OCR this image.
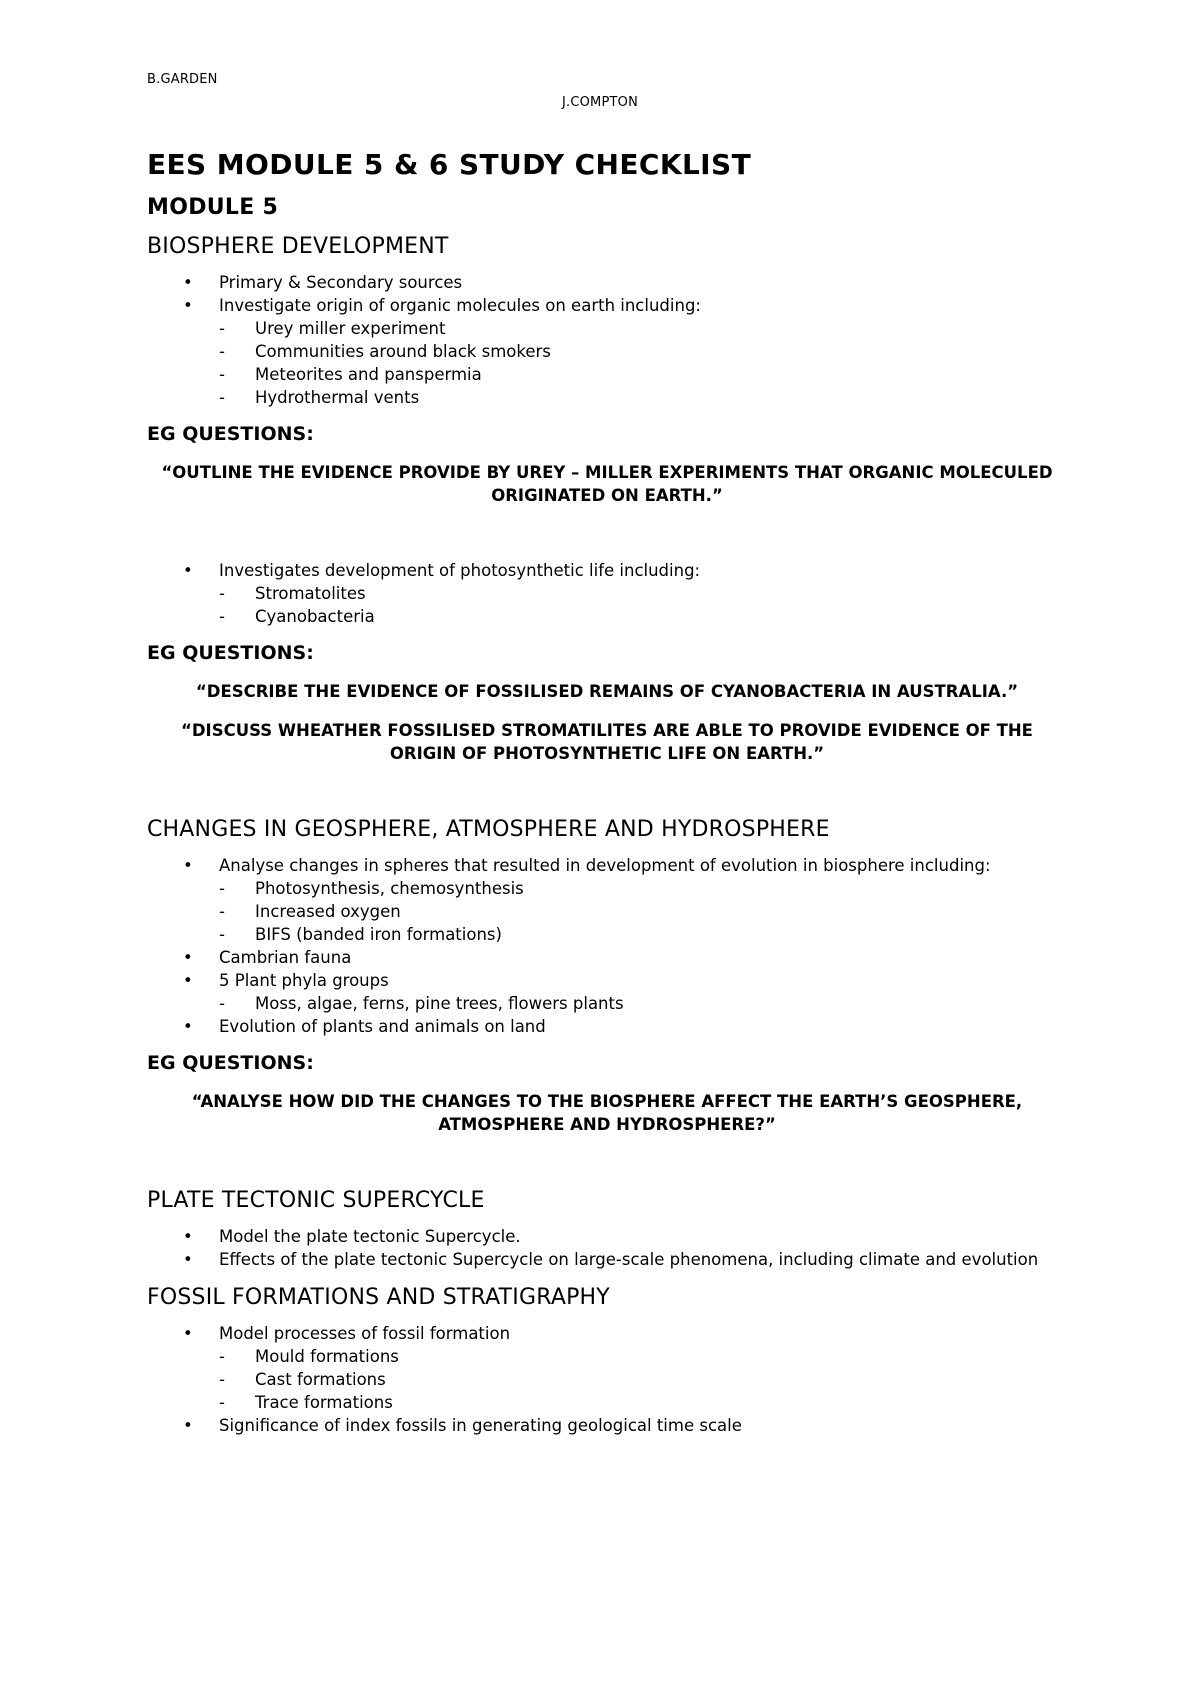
B.GARDEN
J.COMPTON
EES MODULE 5 & 6 STUDY CHECKLIST
MODULE 5
BIOSPHERE DEVELOPMENT
• Primary & Secondary sources
• Investigate origin of organic molecules on earth including:
- Urey miller experiment
- Communities around black smokers
- Meteorites and panspermia
- Hydrothermal vents
EG QUESTIONS:
“OUTLINE THE EVIDENCE PROVIDE BY UREY – MILLER EXPERIMENTS THAT ORGANIC MOLECULED ORIGINATED ON EARTH.”
• Investigates development of photosynthetic life including:
- Stromatolites
- Cyanobacteria
EG QUESTIONS:
“DESCRIBE THE EVIDENCE OF FOSSILISED REMAINS OF CYANOBACTERIA IN AUSTRALIA.”
“DISCUSS WHEATHER FOSSILISED STROMATILITES ARE ABLE TO PROVIDE EVIDENCE OF THE ORIGIN OF PHOTOSYNTHETIC LIFE ON EARTH.”
CHANGES IN GEOSPHERE, ATMOSPHERE AND HYDROSPHERE
• Analyse changes in spheres that resulted in development of evolution in biosphere including:
- Photosynthesis, chemosynthesis
- Increased oxygen
- BIFS (banded iron formations)
• Cambrian fauna
• 5 Plant phyla groups
- Moss, algae, ferns, pine trees, flowers plants
• Evolution of plants and animals on land
EG QUESTIONS:
“ANALYSE HOW DID THE CHANGES TO THE BIOSPHERE AFFECT THE EARTH’S GEOSPHERE, ATMOSPHERE AND HYDROSPHERE?”
PLATE TECTONIC SUPERCYCLE
• Model the plate tectonic Supercycle.
• Effects of the plate tectonic Supercycle on large-scale phenomena, including climate and evolution
FOSSIL FORMATIONS AND STRATIGRAPHY
• Model processes of fossil formation
- Mould formations
- Cast formations
- Trace formations
• Significance of index fossils in generating geological time scale
